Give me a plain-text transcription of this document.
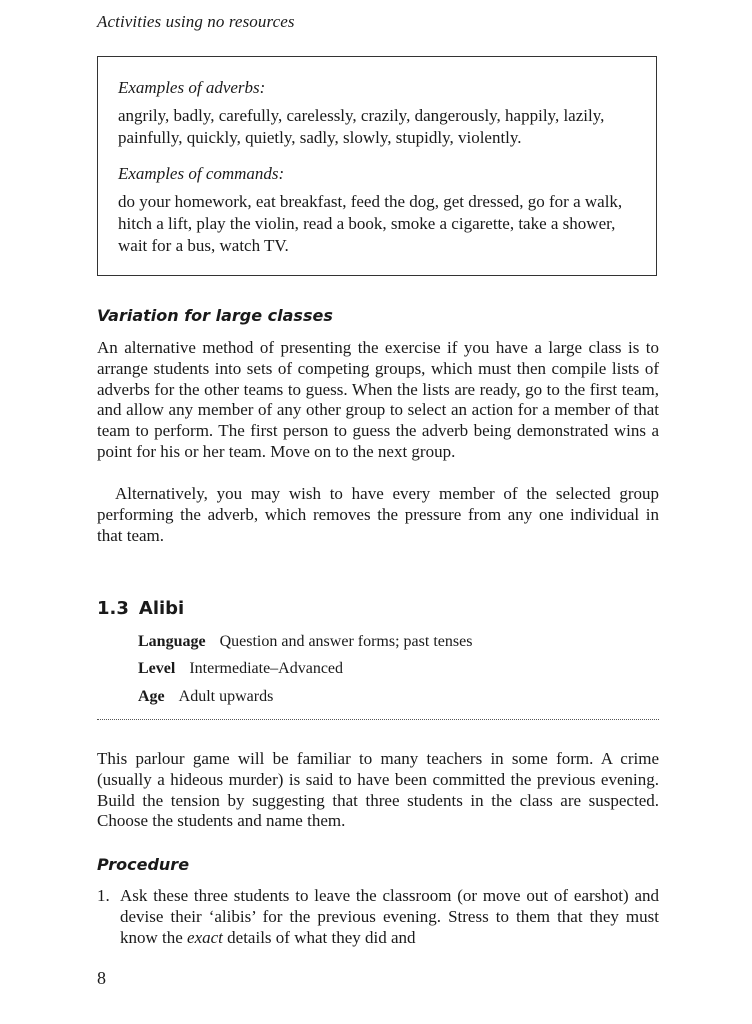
Activities using no resources

Examples of adverbs:

angrily, badly, carefully, carelessly, crazily, dangerously, happily, lazily, painfully, quickly, quietly, sadly, slowly, stupidly, violently.

Examples of commands:

do your homework, eat breakfast, feed the dog, get dressed, go for a walk, hitch a lift, play the violin, read a book, smoke a cigarette, take a shower, wait for a bus, watch TV.

Variation for large classes

An alternative method of presenting the exercise if you have a large class is to arrange students into sets of competing groups, which must then compile lists of adverbs for the other teams to guess. When the lists are ready, go to the first team, and allow any member of any other group to select an action for a member of that team to perform. The first person to guess the adverb being demonstrated wins a point for his or her team. Move on to the next group.

Alternatively, you may wish to have every member of the selected group performing the adverb, which removes the pressure from any one individual in that team.

1.3 Alibi
Language Question and answer forms; past tenses
Level Intermediate–Advanced
Age Adult upwards

This parlour game will be familiar to many teachers in some form. A crime (usually a hideous murder) is said to have been committed the previous evening. Build the tension by suggesting that three students in the class are suspected. Choose the students and name them.

Procedure
1. Ask these three students to leave the classroom (or move out of earshot) and devise their ‘alibis’ for the previous evening. Stress to them that they must know the exact details of what they did and
8
